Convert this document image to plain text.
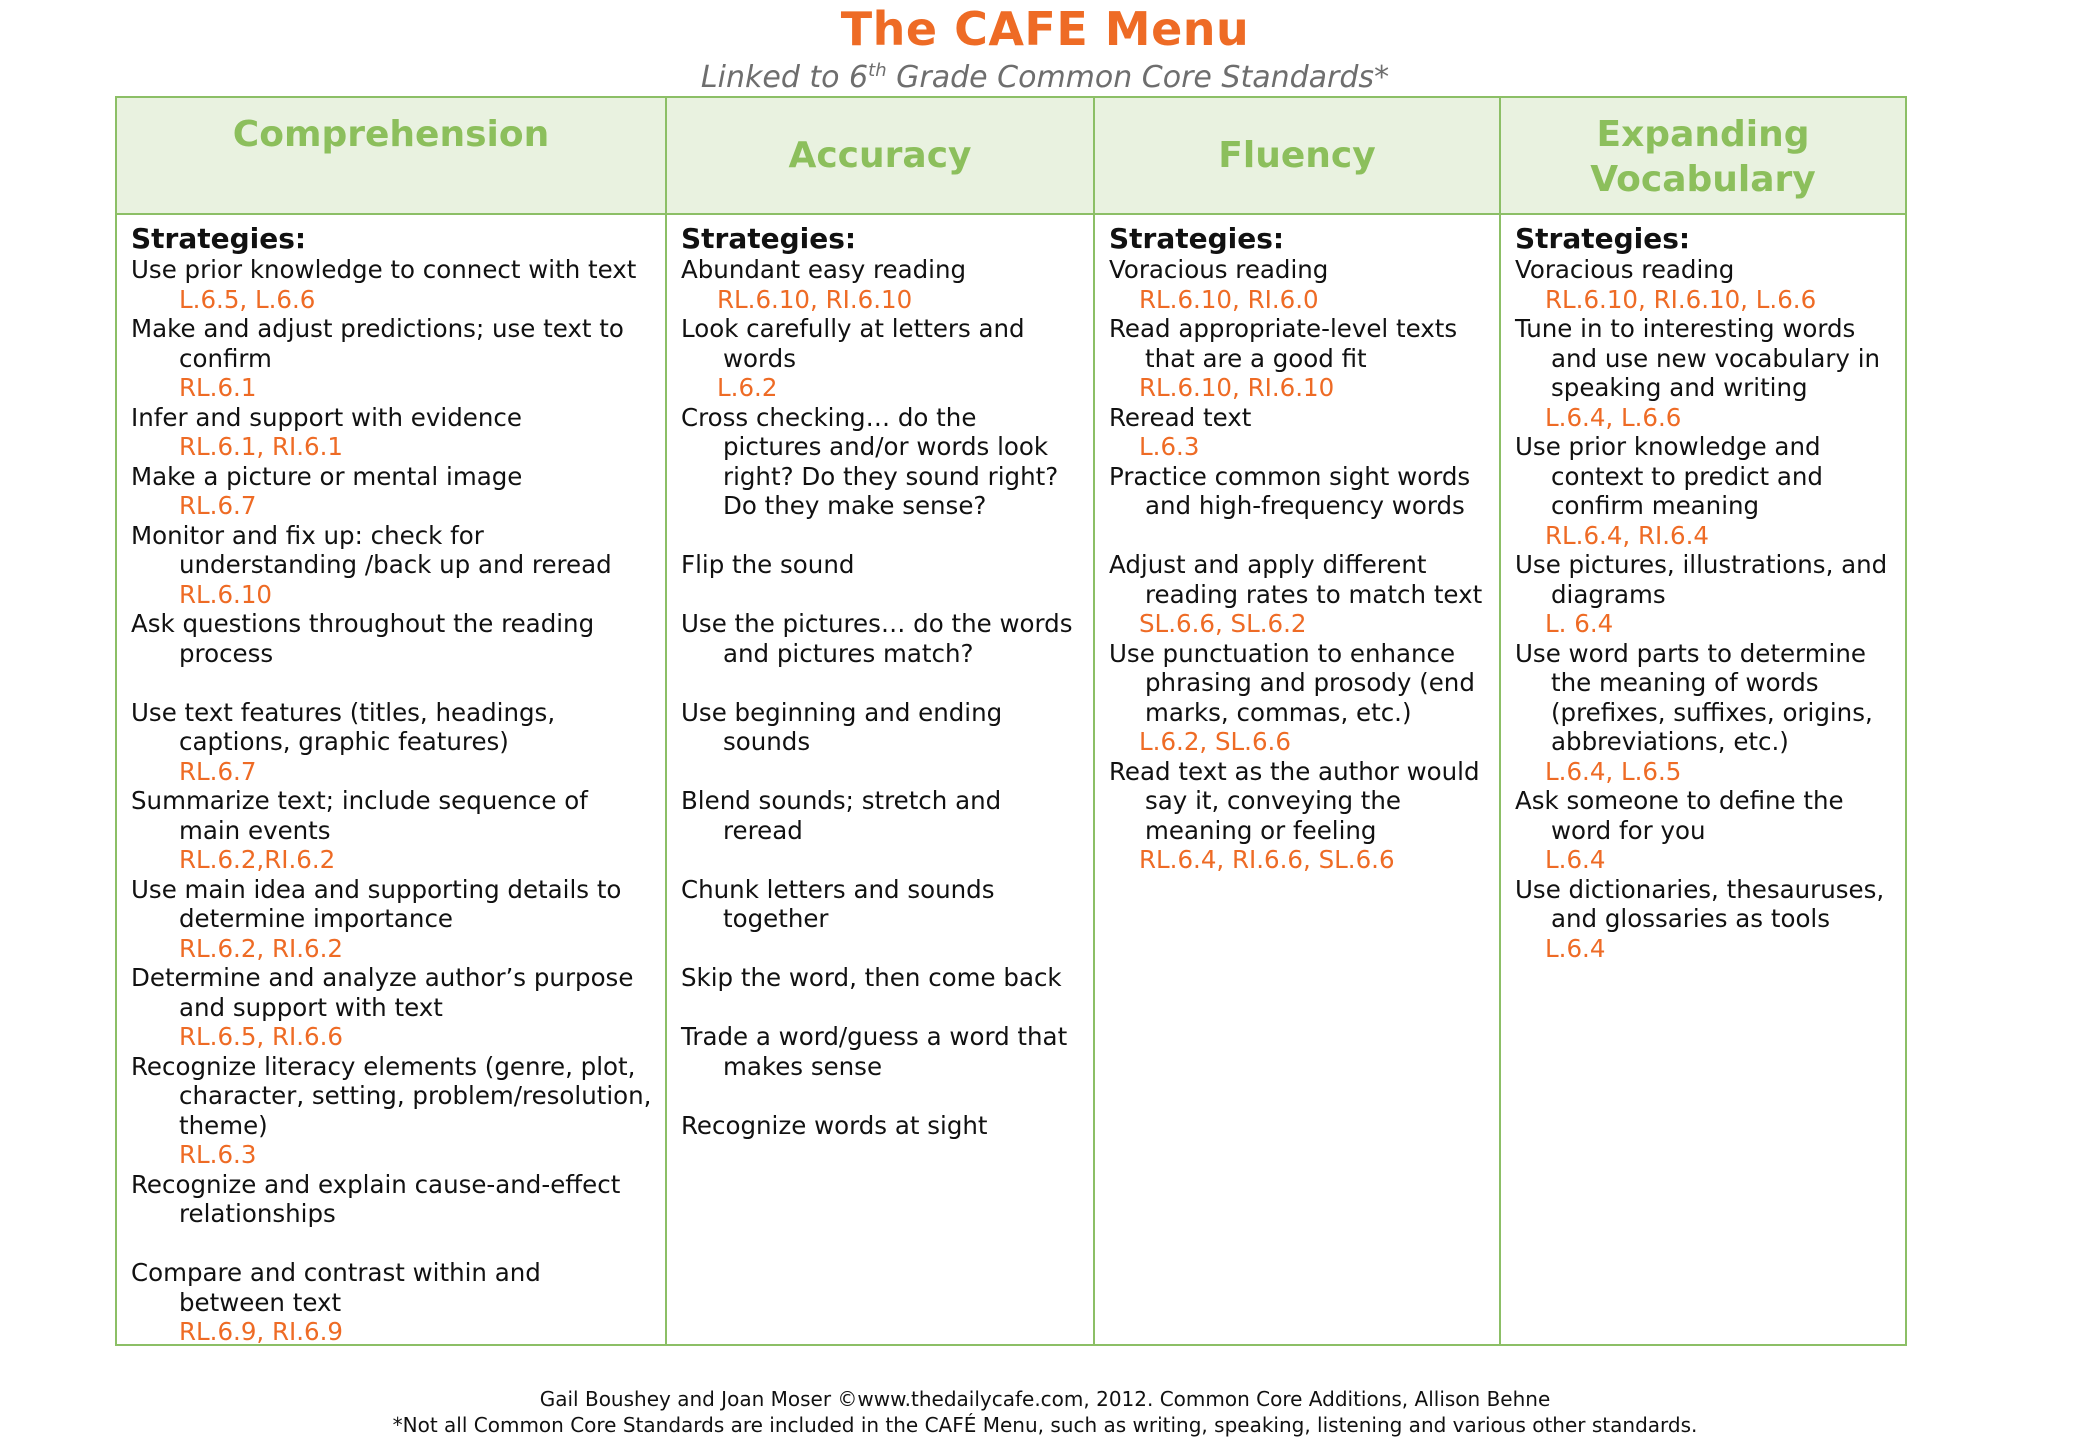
The CAFE Menu
Linked to 6th Grade Common Core Standards*
Comprehension
Strategies:
Use prior knowledge to connect with text
L.6.5, L.6.6
Make and adjust predictions; use text to confirm
RL.6.1
Infer and support with evidence
RL.6.1, RI.6.1
Make a picture or mental image
RL.6.7
Monitor and fix up: check for understanding /back up and reread
RL.6.10
Ask questions throughout the reading process
Use text features (titles, headings, captions, graphic features)
RL.6.7
Summarize text; include sequence of main events
RL.6.2,RI.6.2
Use main idea and supporting details to determine importance
RL.6.2, RI.6.2
Determine and analyze author’s purpose and support with text
RL.6.5, RI.6.6
Recognize literacy elements (genre, plot, character, setting, problem/resolution, theme)
RL.6.3
Recognize and explain cause-and-effect relationships
Compare and contrast within and between text
RL.6.9, RI.6.9
Accuracy
Strategies:
Abundant easy reading
RL.6.10, RI.6.10
Look carefully at letters and words
L.6.2
Cross checking… do the pictures and/or words look right? Do they sound right? Do they make sense?
Flip the sound
Use the pictures… do the words and pictures match?
Use beginning and ending sounds
Blend sounds; stretch and reread
Chunk letters and sounds together
Skip the word, then come back
Trade a word/guess a word that makes sense
Recognize words at sight
Fluency
Strategies:
Voracious reading
RL.6.10, RI.6.0
Read appropriate-level texts that are a good fit
RL.6.10, RI.6.10
Reread text
L.6.3
Practice common sight words and high-frequency words
Adjust and apply different reading rates to match text
SL.6.6, SL.6.2
Use punctuation to enhance phrasing and prosody (end marks, commas, etc.)
L.6.2, SL.6.6
Read text as the author would say it, conveying the meaning or feeling
RL.6.4, RI.6.6, SL.6.6
Expanding Vocabulary
Strategies:
Voracious reading
RL.6.10, RI.6.10, L.6.6
Tune in to interesting words and use new vocabulary in speaking and writing
L.6.4, L.6.6
Use prior knowledge and context to predict and confirm meaning
RL.6.4, RI.6.4
Use pictures, illustrations, and diagrams
L. 6.4
Use word parts to determine the meaning of words (prefixes, suffixes, origins, abbreviations, etc.)
L.6.4, L.6.5
Ask someone to define the word for you
L.6.4
Use dictionaries, thesauruses, and glossaries as tools
L.6.4
Gail Boushey and Joan Moser ©www.thedailycafe.com, 2012. Common Core Additions, Allison Behne
*Not all Common Core Standards are included in the CAFÉ Menu, such as writing, speaking, listening and various other standards.
